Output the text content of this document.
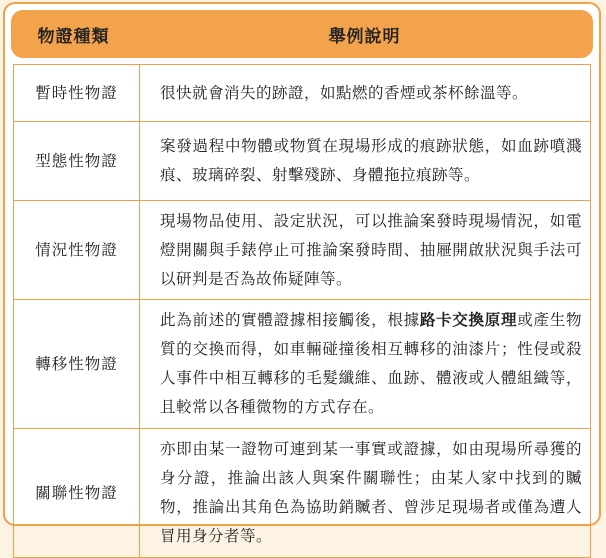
物證種類	舉例說明
暫時性物證	很快就會消失的跡證，如點燃的香煙或茶杯餘溫等。
型態性物證	案發過程中物體或物質在現場形成的痕跡狀態，如血跡噴濺痕、玻璃碎裂、射擊殘跡、身體拖拉痕跡等。
情況性物證	現場物品使用、設定狀況，可以推論案發時現場情況，如電燈開關與手錶停止可推論案發時間、抽屜開啟狀況與手法可以研判是否為故佈疑陣等。
轉移性物證	此為前述的實體證據相接觸後，根據路卡交換原理或產生物質的交換而得，如車輛碰撞後相互轉移的油漆片；性侵或殺人事件中相互轉移的毛髮纖維、血跡、體液或人體組織等，且較常以各種微物的方式存在。
關聯性物證	亦即由某一證物可連到某一事實或證據，如由現場所尋獲的身分證，推論出該人與案件關聯性；由某人家中找到的贓物，推論出其角色為協助銷贓者、曾涉足現場者或僅為遭人冒用身分者等。
